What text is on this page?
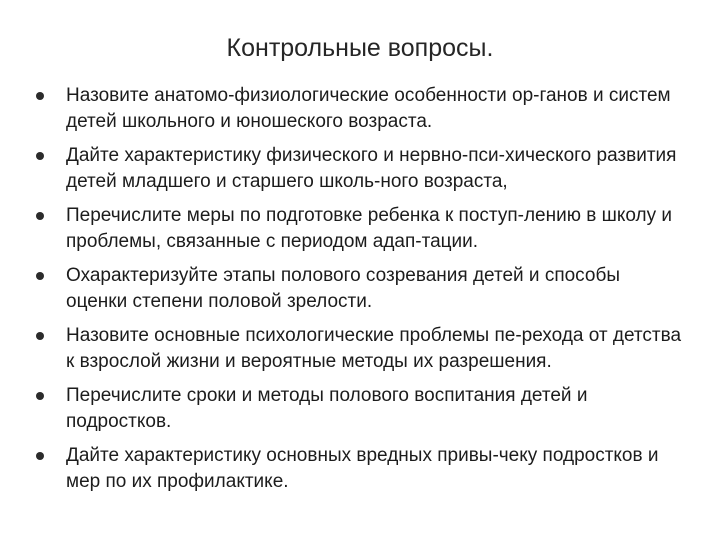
Контрольные вопросы.
Назовите анатомо-физиологические особенности ор-ганов и систем детей школьного и юношеского возраста.
Дайте характеристику физического и нервно-пси-хического развития детей младшего и старшего школь-ного возраста,
Перечислите меры по подготовке ребенка к поступ-лению в школу и проблемы, связанные с периодом адап-тации.
Охарактеризуйте этапы полового созревания детей и способы оценки степени половой зрелости.
Назовите основные психологические проблемы пе-рехода от детства к взрослой жизни и вероятные методы их разрешения.
Перечислите сроки и методы полового воспитания детей и подростков.
Дайте характеристику основных вредных привы-чеку подростков и мер по их профилактике.
